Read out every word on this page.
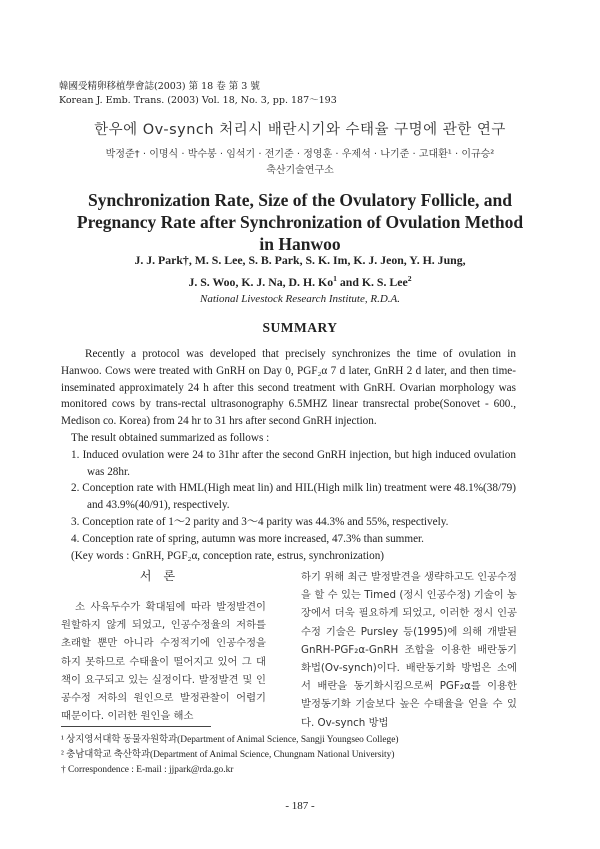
韓國受精卵移植學會誌(2003) 第 18 卷 第 3 號
Korean J. Emb. Trans. (2003) Vol. 18, No. 3, pp. 187～193
한우에 Ov-synch 처리시 배란시기와 수태율 구명에 관한 연구
박정준† · 이명식 · 박수봉 · 임석기 · 전기준 · 정영훈 · 우제석 · 나기준 · 고대환¹ · 이규승²
축산기술연구소
Synchronization Rate, Size of the Ovulatory Follicle, and
Pregnancy Rate after Synchronization of Ovulation Method
in Hanwoo
J. J. Park†, M. S. Lee, S. B. Park, S. K. Im, K. J. Jeon, Y. H. Jung,
J. S. Woo, K. J. Na, D. H. Ko$^1$ and K. S. Lee$^2$
National Livestock Research Institute, R.D.A.
SUMMARY

Recently a protocol was developed that precisely synchronizes the time of ovulation in Hanwoo. Cows were treated with GnRH on Day 0, PGF₂α 7 d later, GnRH 2 d later, and then time-inseminated approximately 24 h after this second treatment with GnRH. Ovarian morphology was monitored cows by trans-rectal ultrasonography 6.5MHZ linear transrectal probe(Sonovet - 600., Medison co. Korea) from 24 hr to 31 hrs after second GnRH injection.

The result obtained summarized as follows :

1. Induced ovulation were 24 to 31hr after the second GnRH injection, but high induced ovulation was 28hr.

2. Conception rate with HML(High meat lin) and HIL(High milk lin) treatment were 48.1%(38/79) and 43.9%(40/91), respectively.

3. Conception rate of 1～2 parity and 3～4 parity was 44.3% and 55%, respectively.

4. Conception rate of spring, autumn was more increased, 47.3% than summer.

(Key words : GnRH, PGF₂α, conception rate, estrus, synchronization)

서론

소 사육두수가 확대됨에 따라 발정발견이 원할하지 않게 되었고, 인공수정율의 저하를 초래할 뿐만 아니라 수정적기에 인공수정을 하지 못하므로 수태율이 떨어지고 있어 그 대책이 요구되고 있는 실정이다. 발정발견 및 인공수정 저하의 원인으로 발정관찰이 어렵기 때문이다. 이러한 원인을 해소

하기 위해 최근 발정발견을 생략하고도 인공수정을 할 수 있는 Timed (정시 인공수정) 기술이 농장에서 더욱 필요하게 되었고, 이러한 정시 인공수정 기술은 Pursley 등(1995)에 의해 개발된 GnRH-PGF₂α-GnRH 조합을 이용한 배란동기화법(Ov-synch)이다. 배란동기화 방법은 소에서 배란을 동기화시킴으로써 PGF₂α를 이용한 발정동기화 기술보다 높은 수태율을 얻을 수 있다. Ov-synch 방법

¹ 상지영서대학 동물자원학과(Department of Animal Science, Sangji Youngseo College)
² 충남대학교 축산학과(Department of Animal Science, Chungnam National University)
† Correspondence : E-mail : jjpark@rda.go.kr
- 187 -
